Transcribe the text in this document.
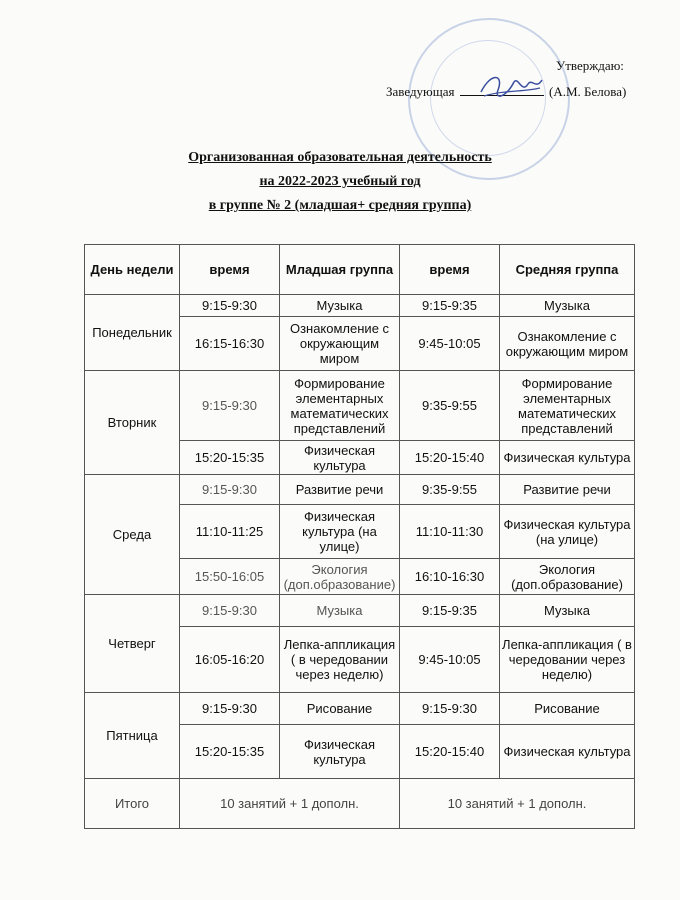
Утверждаю:
Заведующая	(А.М. Белова)
Организованная образовательная деятельность
на 2022-2023 учебный год
в группе № 2 (младшая+ средняя группа)
День недели	время	Младшая группа	время	Средняя группа
Понедельник	9:15-9:30	Музыка	9:15-9:35	Музыка
	16:15-16:30	Ознакомление с окружающим миром	9:45-10:05	Ознакомление с окружающим миром
Вторник	9:15-9:30	Формирование элементарных математических представлений	9:35-9:55	Формирование элементарных математических представлений
	15:20-15:35	Физическая культура	15:20-15:40	Физическая культура
Среда	9:15-9:30	Развитие речи	9:35-9:55	Развитие речи
	11:10-11:25	Физическая культура (на улице)	11:10-11:30	Физическая культура (на улице)
	15:50-16:05	Экология (доп.образование)	16:10-16:30	Экология (доп.образование)
Четверг	9:15-9:30	Музыка	9:15-9:35	Музыка
	16:05-16:20	Лепка-аппликация ( в чередовании через неделю)	9:45-10:05	Лепка-аппликация ( в чередовании через неделю)
Пятница	9:15-9:30	Рисование	9:15-9:30	Рисование
	15:20-15:35	Физическая культура	15:20-15:40	Физическая культура
Итого	10 занятий + 1 дополн.		10 занятий + 1 дополн.	
